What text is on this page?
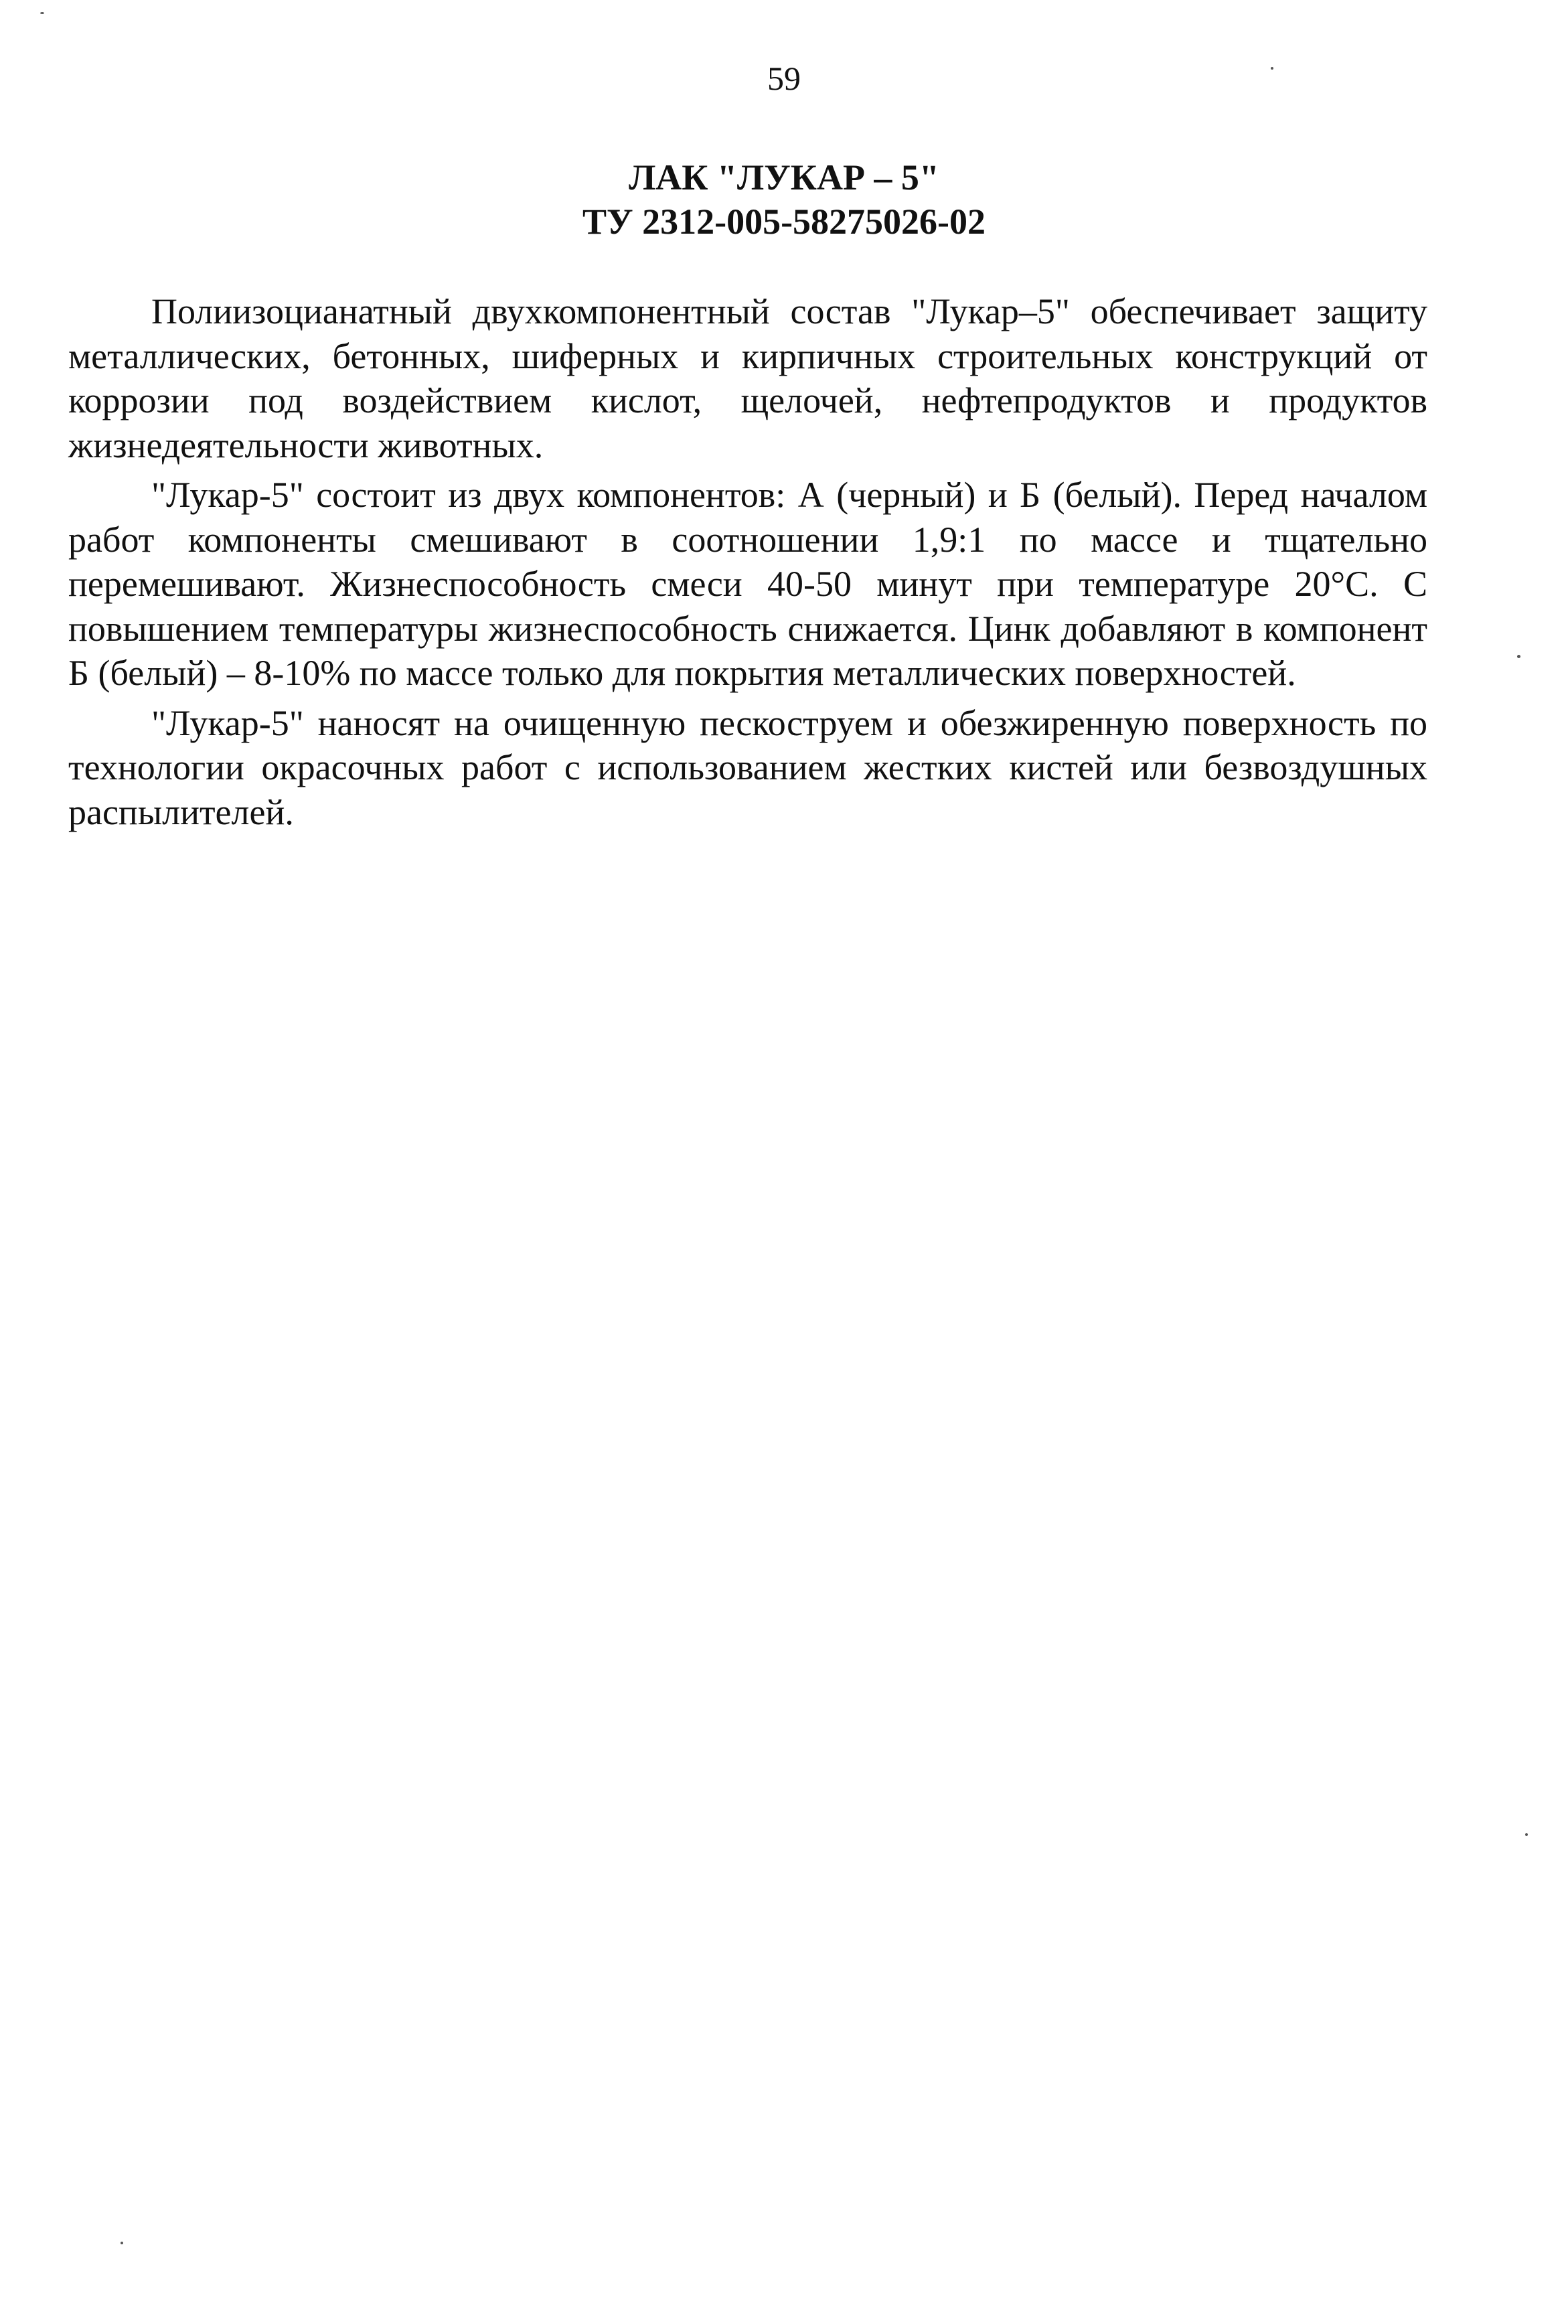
59
ЛАК "ЛУКАР – 5"
ТУ 2312-005-58275026-02

Полиизоцианатный двухкомпонентный состав "Лукар–5" обеспечивает защиту металлических, бетонных, шиферных и кирпичных строительных конструкций от коррозии под воздействием кислот, щелочей, нефтепродуктов и продуктов жизнедеятельности животных.

"Лукар-5" состоит из двух компонентов: А (черный) и Б (белый). Перед началом работ компоненты смешивают в соотношении 1,9:1 по массе и тщательно перемешивают. Жизнеспособность смеси 40-50 минут при температуре 20°С. С повышением температуры жизнеспособность снижается. Цинк добавляют в компонент Б (белый) – 8-10% по массе только для покрытия металлических поверхностей.

"Лукар-5" наносят на очищенную пескоструем и обезжиренную поверхность по технологии окрасочных работ с использованием жестких кистей или безвоздушных распылителей.
